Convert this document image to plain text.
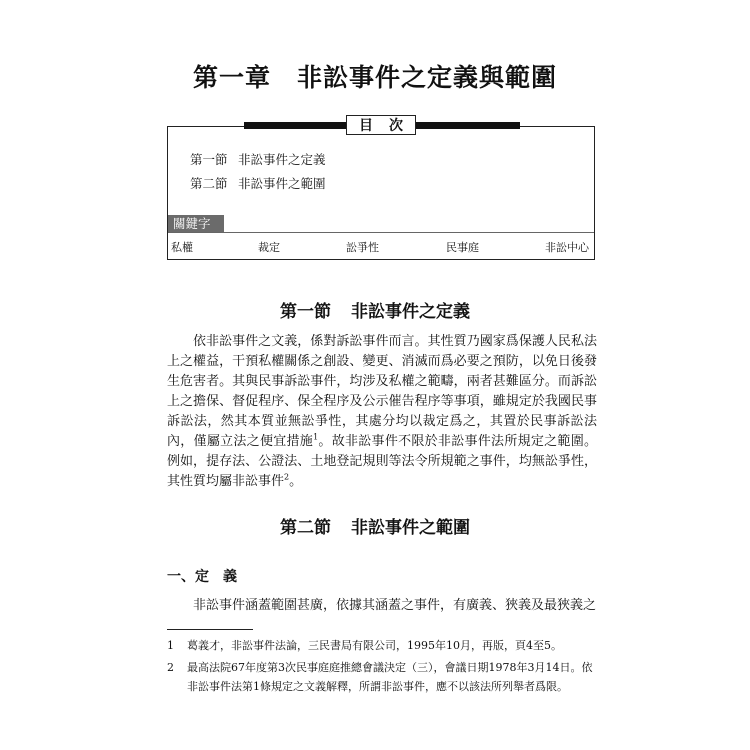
第一章 非訟事件之定義與範圍
目 次
第一節 非訟事件之定義
第二節 非訟事件之範圍
關鍵字
私權	裁定	訟爭性	民事庭	非訟中心
第一節 非訟事件之定義
依非訟事件之文義，係對訴訟事件而言。其性質乃國家爲保護人民私法上之權益，干預私權關係之創設、變更、消滅而爲必要之預防，以免日後發生危害者。其與民事訴訟事件，均涉及私權之範疇，兩者甚難區分。而訴訟上之擔保、督促程序、保全程序及公示催告程序等事項，雖規定於我國民事訴訟法，然其本質並無訟爭性，其處分均以裁定爲之，其置於民事訴訟法內，僅屬立法之便宜措施$^1$。故非訟事件不限於非訟事件法所規定之範圍。例如，提存法、公證法、土地登記規則等法令所規範之事件，均無訟爭性，其性質均屬非訟事件$^2$。
第二節 非訟事件之範圍
一、定　義
非訟事件涵蓋範圍甚廣，依據其涵蓋之事件，有廣義、狹義及最狹義之
1 葛義才，非訟事件法論，三民書局有限公司，1995年10月，再版，頁4至5。
2 最高法院67年度第3次民事庭庭推總會議決定（三），會議日期1978年3月14日。依
非訟事件法第1條規定之文義解釋，所謂非訟事件，應不以該法所列舉者爲限。
